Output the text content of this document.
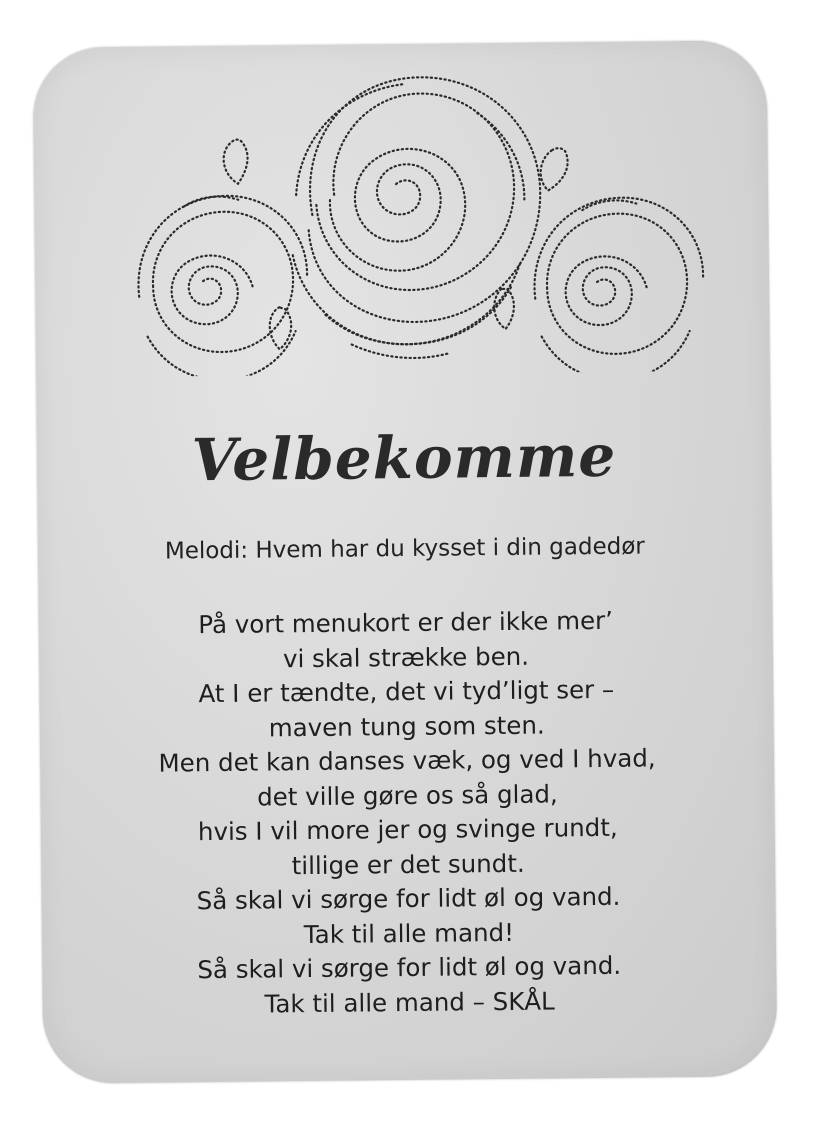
Velbekomme

Melodi: Hvem har du kysset i din gadedør

På vort menukort er der ikke mer’
vi skal strække ben.
At I er tændte, det vi tyd’ligt ser –
maven tung som sten.
Men det kan danses væk, og ved I hvad,
det ville gøre os så glad,
hvis I vil more jer og svinge rundt,
tillige er det sundt.
Så skal vi sørge for lidt øl og vand.
Tak til alle mand!
Så skal vi sørge for lidt øl og vand.
Tak til alle mand – SKÅL
